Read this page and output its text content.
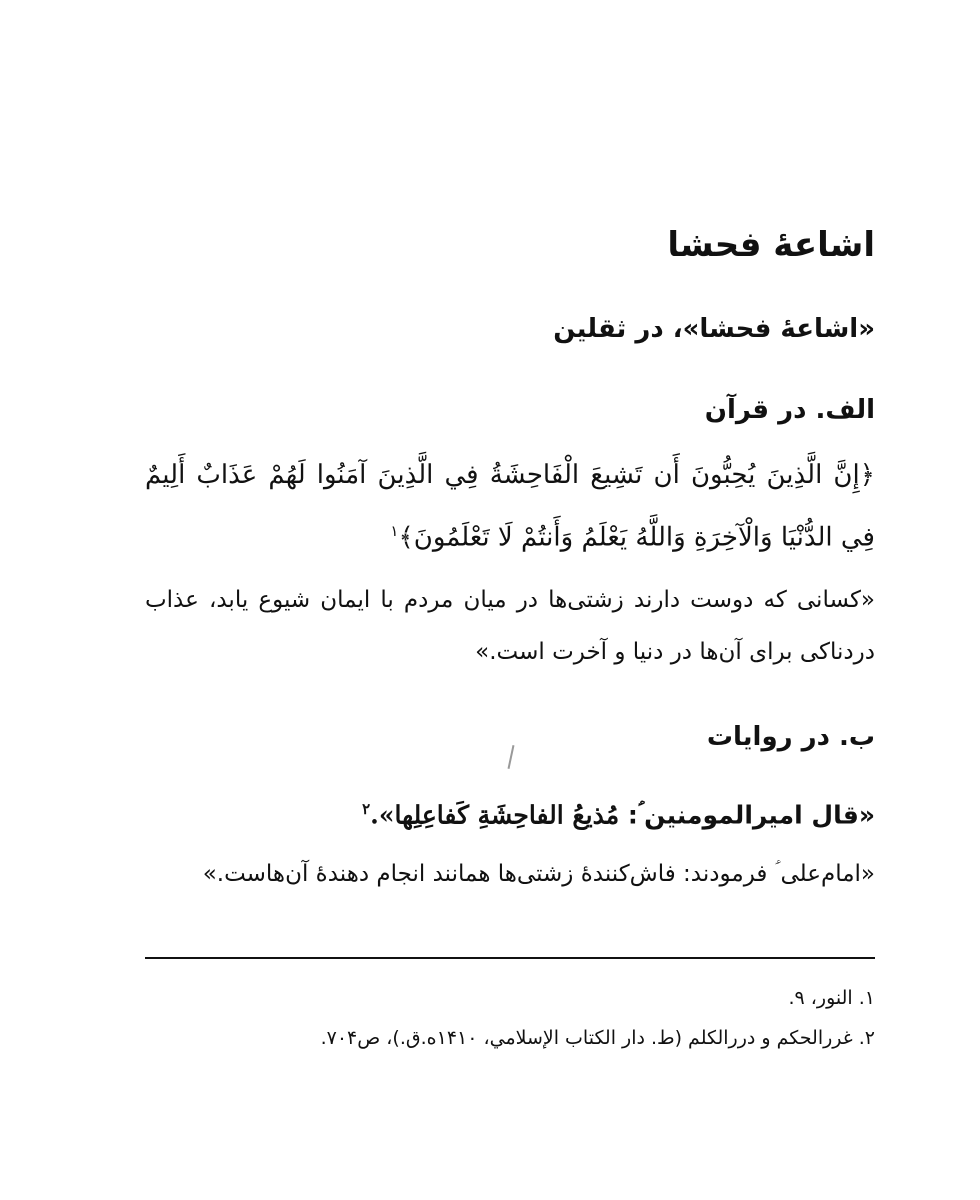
اشاعۀ فحشا
«اشاعۀ فحشا»، در ثقلین
الف. در قرآن
﴿إِنَّ الَّذِينَ يُحِبُّونَ أَن تَشِيعَ الْفَاحِشَةُ فِي الَّذِينَ آمَنُوا لَهُمْ عَذَابٌ أَلِيمٌ فِي الدُّنْيَا وَالْآخِرَةِ وَاللَّهُ يَعْلَمُ وَأَنتُمْ لَا تَعْلَمُونَ﴾$^۱$
«کسانی که دوست دارند زشتی‌ها در میان مردم با ایمان شیوع یابد، عذاب دردناکی برای آن‌ها در دنیا و آخرت است.»
ب. در روایات
«قال امیرالمومنین ؑ: مُذيعُ الفاحِشَةِ كَفاعِلِها».$^۲$
«امام‌علی ؑ فرمودند: فاش‌کنندۀ زشتی‌ها همانند انجام دهندۀ آن‌هاست.»
۱. النور، ۹.
۲. غررالحکم و دررالکلم (ط. دار الکتاب الإسلامي، ۱۴۱۰ه.ق.)، ص۷۰۴.
